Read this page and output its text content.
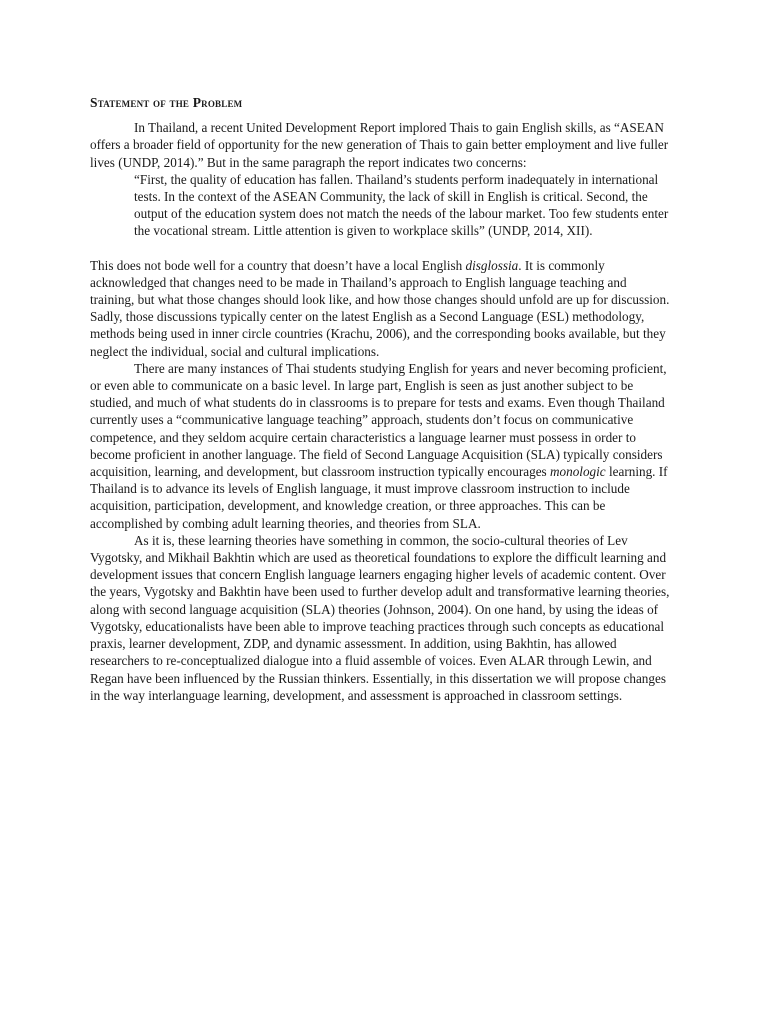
Statement of the Problem

In Thailand, a recent United Development Report implored Thais to gain English skills, as “ASEAN offers a broader field of opportunity for the new generation of Thais to gain better employment and live fuller lives (UNDP, 2014).” But in the same paragraph the report indicates two concerns:

“First, the quality of education has fallen. Thailand’s students perform inadequately in international tests. In the context of the ASEAN Community, the lack of skill in English is critical. Second, the output of the education system does not match the needs of the labour market. Too few students enter the vocational stream. Little attention is given to workplace skills” (UNDP, 2014, XII).

This does not bode well for a country that doesn’t have a local English disglossia. It is commonly acknowledged that changes need to be made in Thailand’s approach to English language teaching and training, but what those changes should look like, and how those changes should unfold are up for discussion. Sadly, those discussions typically center on the latest English as a Second Language (ESL) methodology, methods being used in inner circle countries (Krachu, 2006), and the corresponding books available, but they neglect the individual, social and cultural implications.

There are many instances of Thai students studying English for years and never becoming proficient, or even able to communicate on a basic level. In large part, English is seen as just another subject to be studied, and much of what students do in classrooms is to prepare for tests and exams. Even though Thailand currently uses a “communicative language teaching” approach, students don’t focus on communicative competence, and they seldom acquire certain characteristics a language learner must possess in order to become proficient in another language. The field of Second Language Acquisition (SLA) typically considers acquisition, learning, and development, but classroom instruction typically encourages monologic learning. If Thailand is to advance its levels of English language, it must improve classroom instruction to include acquisition, participation, development, and knowledge creation, or three approaches. This can be accomplished by combing adult learning theories, and theories from SLA.

As it is, these learning theories have something in common, the socio-cultural theories of Lev Vygotsky, and Mikhail Bakhtin which are used as theoretical foundations to explore the difficult learning and development issues that concern English language learners engaging higher levels of academic content. Over the years, Vygotsky and Bakhtin have been used to further develop adult and transformative learning theories, along with second language acquisition (SLA) theories (Johnson, 2004). On one hand, by using the ideas of Vygotsky, educationalists have been able to improve teaching practices through such concepts as educational praxis, learner development, ZDP, and dynamic assessment. In addition, using Bakhtin, has allowed researchers to re-conceptualized dialogue into a fluid assemble of voices. Even ALAR through Lewin, and Regan have been influenced by the Russian thinkers. Essentially, in this dissertation we will propose changes in the way interlanguage learning, development, and assessment is approached in classroom settings.
